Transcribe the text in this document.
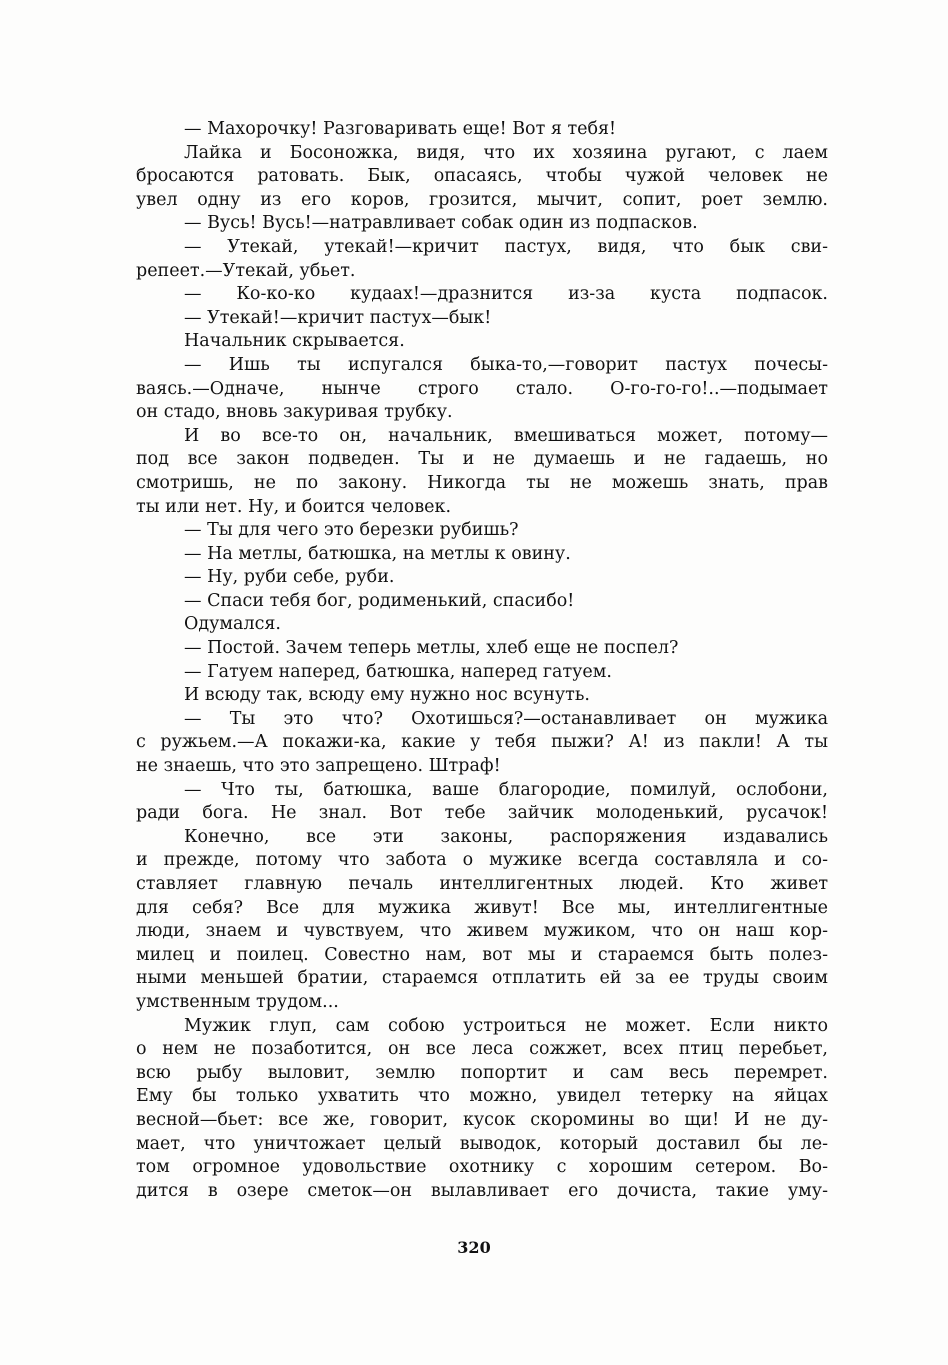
— Махорочку! Разговаривать еще! Вот я тебя!
Лайка и Босоножка, видя, что их хозяина ругают, с лаем
бросаются ратовать. Бык, опасаясь, чтобы чужой человек не
увел одну из его коров, грозится, мычит, сопит, роет землю.
— Вусь! Вусь!—натравливает собак один из подпасков.
— Утекай, утекай!—кричит пастух, видя, что бык сви-
репеет.—Утекай, убьет.
— Ко-ко-ко кудаах!—дразнится из-за куста подпасок.
— Утекай!—кричит пастух—бык!
Начальник скрывается.
— Ишь ты испугался быка-то,—говорит пастух почесы-
ваясь.—Одначе, нынче строго стало. О-го-го-го!..—подымает
он стадо, вновь закуривая трубку.
И во все-то он, начальник, вмешиваться может, потому—
под все закон подведен. Ты и не думаешь и не гадаешь, но
смотришь, не по закону. Никогда ты не можешь знать, прав
ты или нет. Ну, и боится человек.
— Ты для чего это березки рубишь?
— На метлы, батюшка, на метлы к овину.
— Ну, руби себе, руби.
— Спаси тебя бог, родименький, спасибо!
Одумался.
— Постой. Зачем теперь метлы, хлеб еще не поспел?
— Гатуем наперед, батюшка, наперед гатуем.
И всюду так, всюду ему нужно нос всунуть.
— Ты это что? Охотишься?—останавливает он мужика
с ружьем.—А покажи-ка, какие у тебя пыжи? А! из пакли! А ты
не знаешь, что это запрещено. Штраф!
— Что ты, батюшка, ваше благородие, помилуй, ослобони,
ради бога. Не знал. Вот тебе зайчик молоденький, русачок!
Конечно, все эти законы, распоряжения издавались
и прежде, потому что забота о мужике всегда составляла и со-
ставляет главную печаль интеллигентных людей. Кто живет
для себя? Все для мужика живут! Все мы, интеллигентные
люди, знаем и чувствуем, что живем мужиком, что он наш кор-
милец и поилец. Совестно нам, вот мы и стараемся быть полез-
ными меньшей братии, стараемся отплатить ей за ее труды своим
умственным трудом...
Мужик глуп, сам собою устроиться не может. Если никто
о нем не позаботится, он все леса сожжет, всех птиц перебьет,
всю рыбу выловит, землю попортит и сам весь перемрет.
Ему бы только ухватить что можно, увидел тетерку на яйцах
весной—бьет: все же, говорит, кусок скоромины во щи! И не ду-
мает, что уничтожает целый выводок, который доставил бы ле-
том огромное удовольствие охотнику с хорошим сетером. Во-
дится в озере сметок—он вылавливает его дочиста, такие уму-
320
